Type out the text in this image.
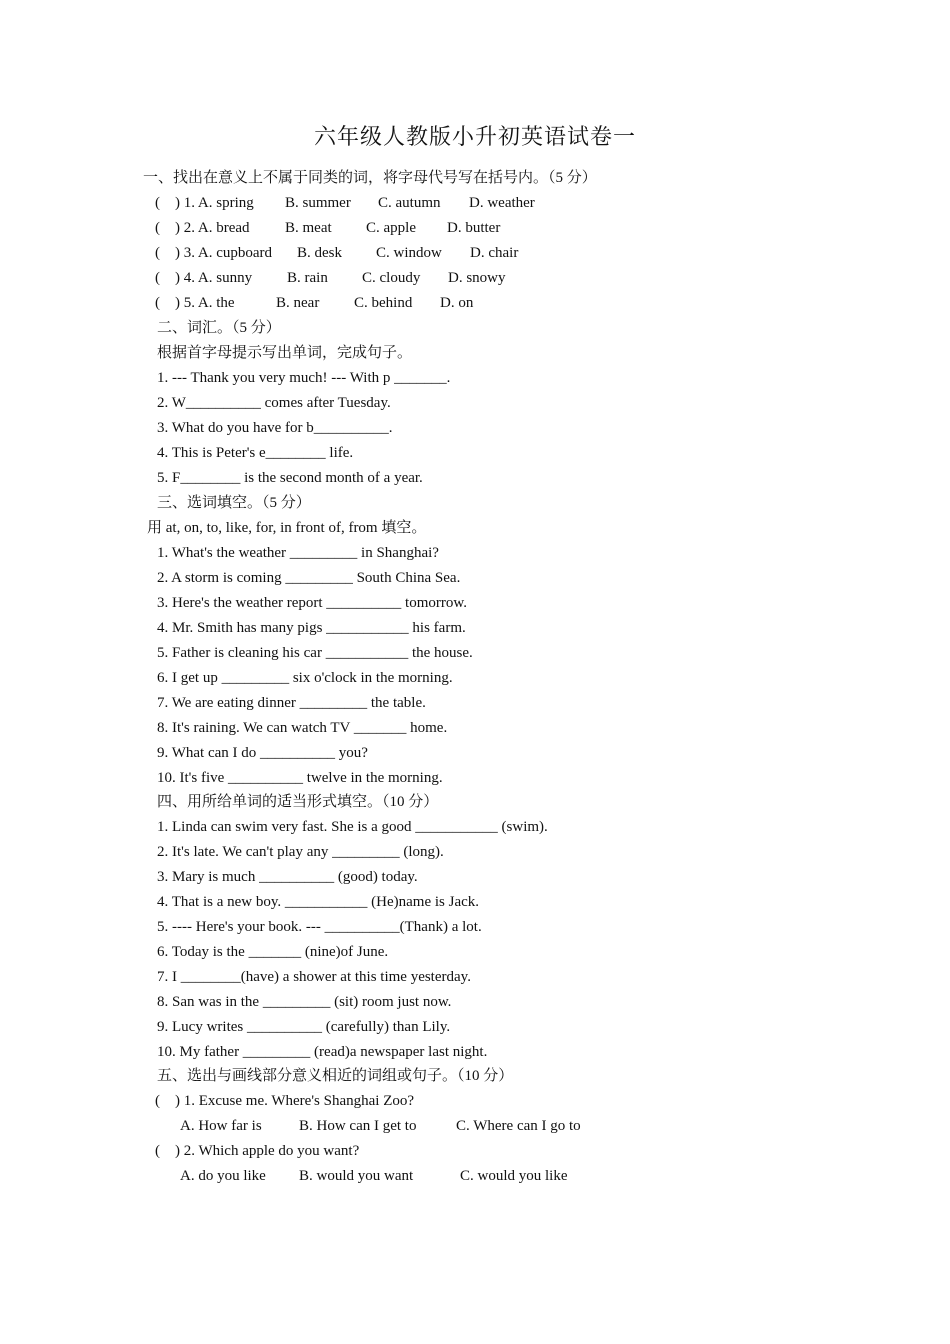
六年级人教版小升初英语试卷一
一、找出在意义上不属于同类的词，将字母代号写在括号内。（5 分）
(    ) 1. A. spring B. summer C. autumn D. weather
(    ) 2. A. bread B. meat C. apple D. butter
(    ) 3. A. cupboard B. desk C. window D. chair
(    ) 4. A. sunny B. rain C. cloudy D. snowy
(    ) 5. A. the	B. near C. behind D. on
二、词汇。（5 分）
根据首字母提示写出单词，完成句子。
1. --- Thank you very much! --- With p _______.
2. W__________ comes after Tuesday.
3. What do you have for b__________.
4. This is Peter's e________ life.
5. F________ is the second month of a year.
三、选词填空。（5 分）
用 at, on, to, like, for, in front of, from 填空。
1. What's the weather _________ in Shanghai?
2. A storm is coming _________ South China Sea.
3. Here's the weather report __________ tomorrow.
4. Mr. Smith has many pigs ___________ his farm.
5. Father is cleaning his car ___________ the house.
6. I get up _________ six o'clock in the morning.
7. We are eating dinner _________ the table.
8. It's raining. We can watch TV _______ home.
9. What can I do __________ you?
10. It's five __________ twelve in the morning.
四、用所给单词的适当形式填空。（10 分）
1. Linda can swim very fast. She is a good ___________ (swim).
2. It's late. We can't play any _________ (long).
3. Mary is much __________ (good) today.
4. That is a new boy. ___________ (He)name is Jack.
5. ---- Here's your book. --- __________(Thank) a lot.
6. Today is the _______ (nine)of June.
7. I ________(have) a shower at this time yesterday.
8. San was in the _________ (sit) room just now.
9. Lucy writes __________ (carefully) than Lily.
10. My father _________ (read)a newspaper last night.
五、选出与画线部分意义相近的词组或句子。（10 分）
(    ) 1. Excuse me. Where's Shanghai Zoo?
A. How far is B. How can I get to	C. Where can I go to
(    ) 2. Which apple do you want?
A. do you like B. would you want	C. would you like
